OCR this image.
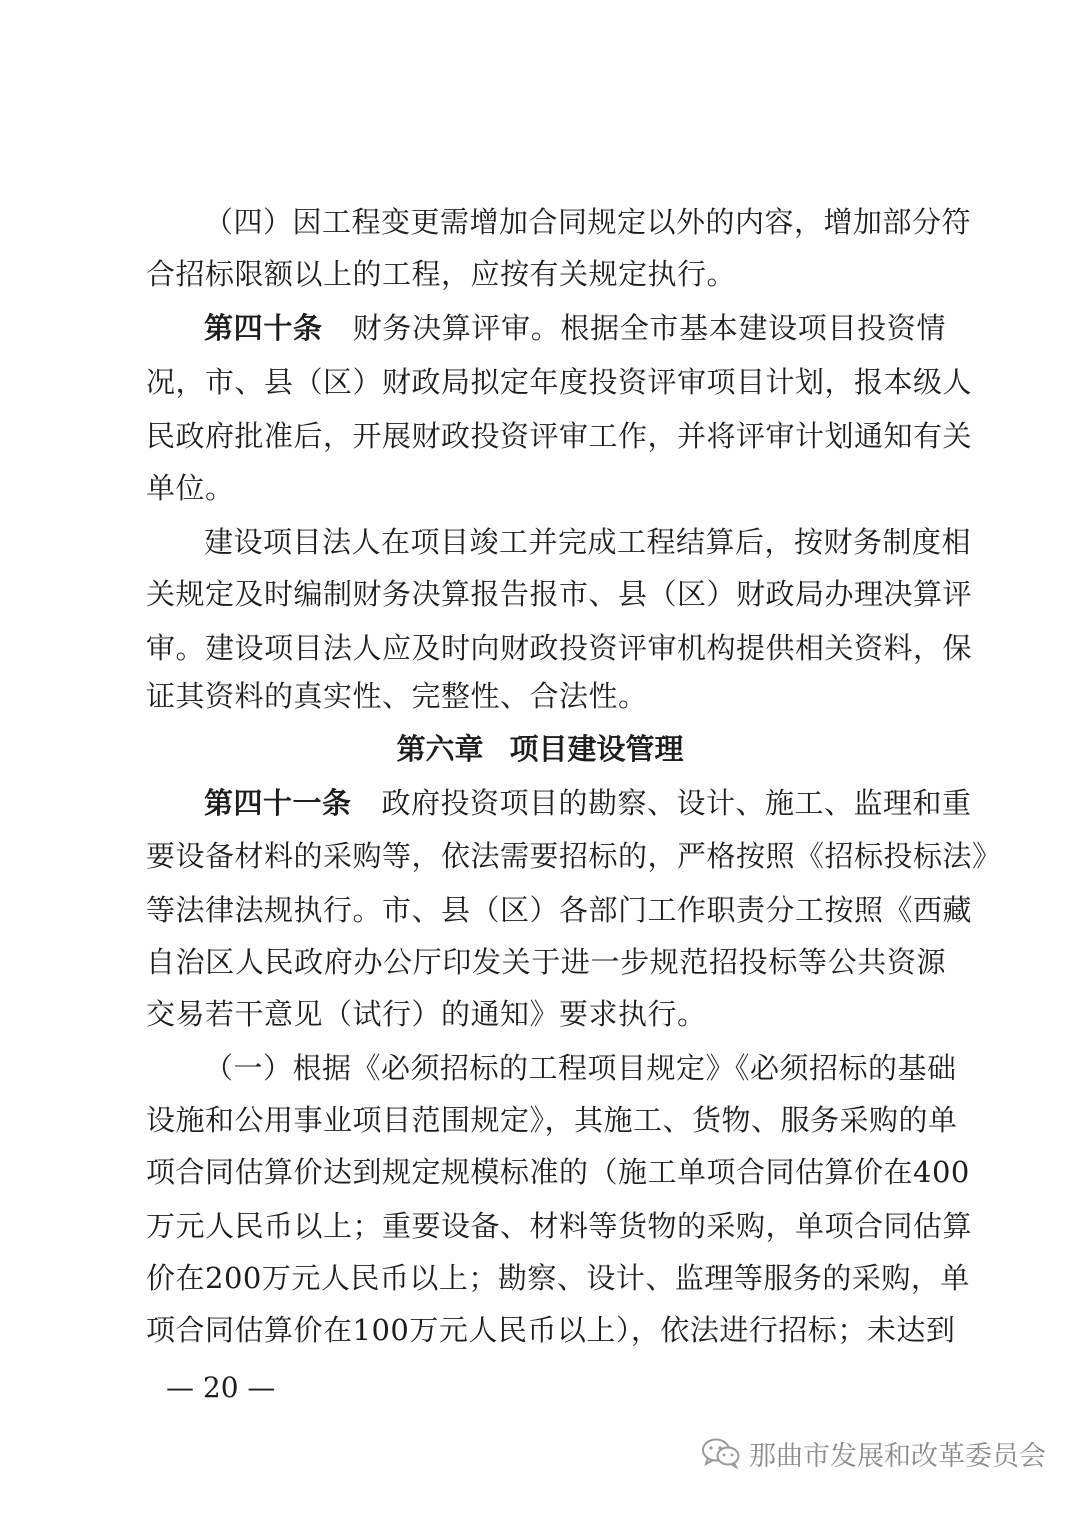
（四）因工程变更需增加合同规定以外的内容，增加部分符
合招标限额以上的工程，应按有关规定执行。
第四十条 财务决算评审。根据全市基本建设项目投资情
况，市、县（区）财政局拟定年度投资评审项目计划，报本级人
民政府批准后，开展财政投资评审工作，并将评审计划通知有关
单位。
建设项目法人在项目竣工并完成工程结算后，按财务制度相
关规定及时编制财务决算报告报市、县（区）财政局办理决算评
审。建设项目法人应及时向财政投资评审机构提供相关资料，保
证其资料的真实性、完整性、合法性。
第六章 项目建设管理
第四十一条 政府投资项目的勘察、设计、施工、监理和重
要设备材料的采购等，依法需要招标的，严格按照《招标投标法》
等法律法规执行。市、县（区）各部门工作职责分工按照《西藏
自治区人民政府办公厅印发关于进一步规范招投标等公共资源
交易若干意见（试行）的通知》要求执行。
（一）根据《必须招标的工程项目规定》《必须招标的基础
设施和公用事业项目范围规定》，其施工、货物、服务采购的单
项合同估算价达到规定规模标准的（施工单项合同估算价在400
万元人民币以上；重要设备、材料等货物的采购，单项合同估算
价在200万元人民币以上；勘察、设计、监理等服务的采购，单
项合同估算价在100万元人民币以上），依法进行招标；未达到
— 20 —
那曲市发展和改革委员会
